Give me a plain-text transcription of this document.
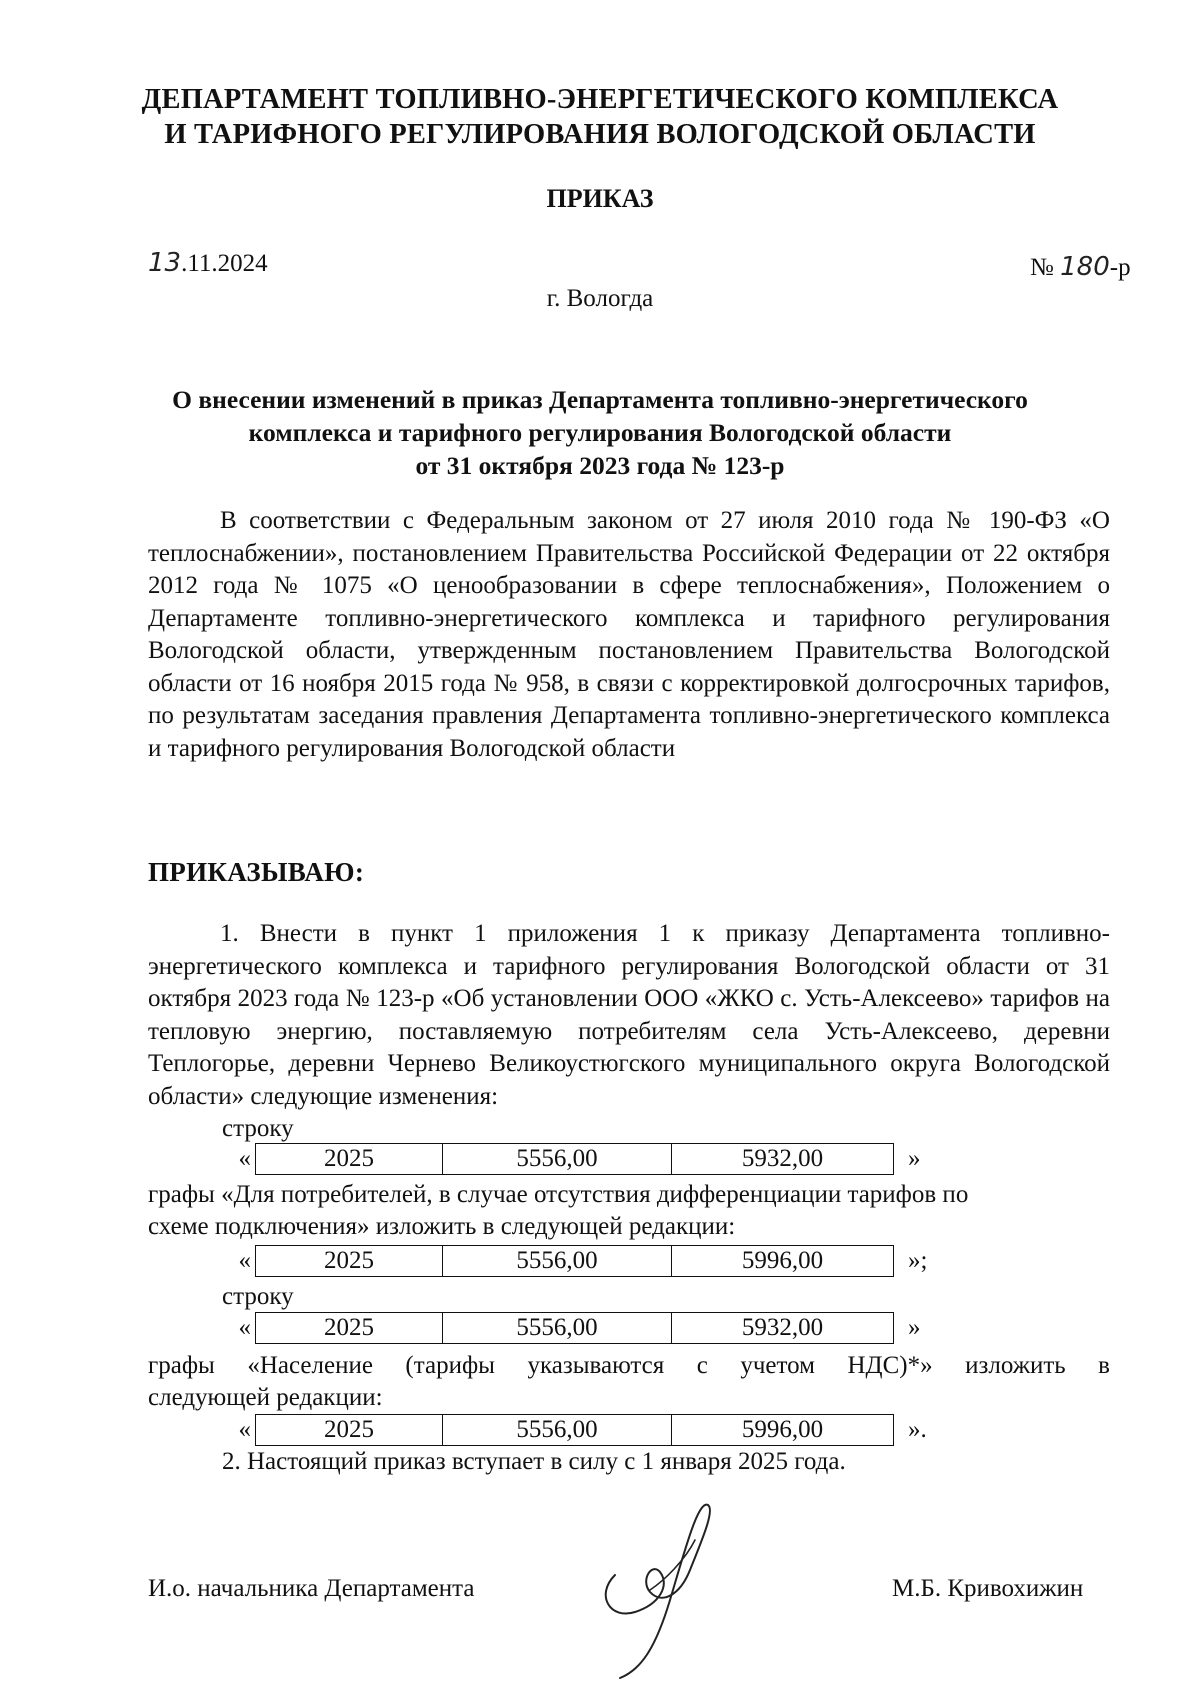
ДЕПАРТАМЕНТ ТОПЛИВНО-ЭНЕРГЕТИЧЕСКОГО КОМПЛЕКСА
И ТАРИФНОГО РЕГУЛИРОВАНИЯ ВОЛОГОДСКОЙ ОБЛАСТИ
ПРИКАЗ
13.11.2024	№ 180-р
г. Вологда
О внесении изменений в приказ Департамента топливно-энергетического
комплекса и тарифного регулирования Вологодской области
от 31 октября 2023 года № 123-р
В соответствии с Федеральным законом от 27 июля 2010 года № 190-ФЗ «О теплоснабжении», постановлением Правительства Российской Федерации от 22 октября 2012 года № 1075 «О ценообразовании в сфере теплоснабжения», Положением о Департаменте топливно-энергетического комплекса и тарифного регулирования Вологодской области, утвержденным постановлением Правительства Вологодской области от 16 ноября 2015 года № 958, в связи с корректировкой долгосрочных тарифов, по результатам заседания правления Департамента топливно-энергетического комплекса и тарифного регулирования Вологодской области
ПРИКАЗЫВАЮ:
1. Внести в пункт 1 приложения 1 к приказу Департамента топливно-энергетического комплекса и тарифного регулирования Вологодской области от 31 октября 2023 года № 123-р «Об установлении ООО «ЖКО с. Усть-Алексеево» тарифов на тепловую энергию, поставляемую потребителям села Усть-Алексеево, деревни Теплогорье, деревни Чернево Великоустюгского муниципального округа Вологодской области» следующие изменения:
строку
«	2025	5556,00	5932,00	»
графы «Для потребителей, в случае отсутствия дифференциации тарифов по
схеме подключения» изложить в следующей редакции:
«	2025	5556,00	5996,00	»;
строку
«	2025	5556,00	5932,00	»
графы «Население (тарифы указываются с учетом НДС)*» изложить в
следующей редакции:
«	2025	5556,00	5996,00	».
2. Настоящий приказ вступает в силу с 1 января 2025 года.
И.о. начальника Департамента	М.Б. Кривохижин
